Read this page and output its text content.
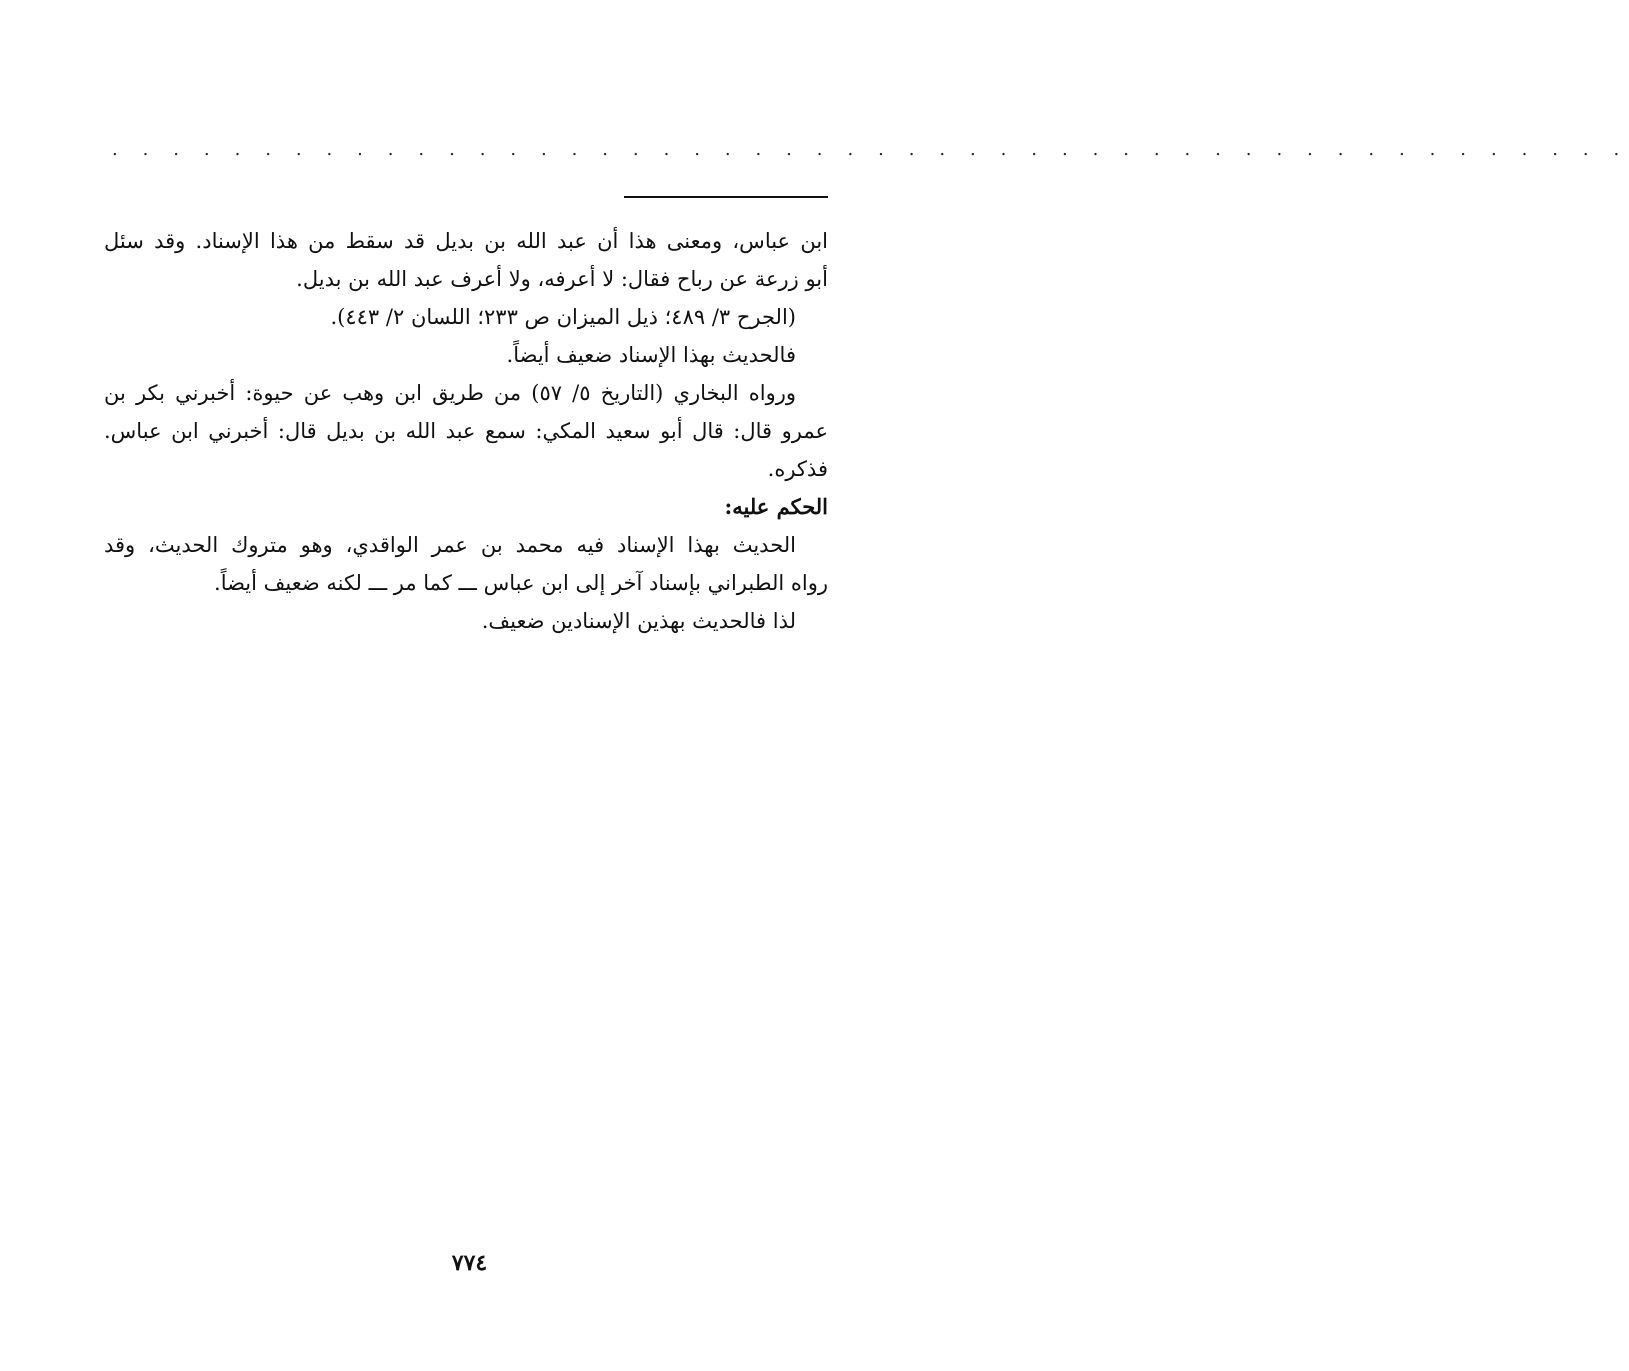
. . . . . . . . . . . . . . . . . . . . . . . . . . . . . . . . . . . . . . . . . . . . . . . . . .
ابن عباس، ومعنى هذا أن عبد الله بن بديل قد سقط من هذا الإسناد. وقد سئل
أبو زرعة عن رباح فقال: لا أعرفه، ولا أعرف عبد الله بن بديل.
(الجرح ٣/ ٤٨٩؛ ذيل الميزان ص ٢٣٣؛ اللسان ٢/ ٤٤٣).
فالحديث بهذا الإسناد ضعيف أيضاً.
ورواه البخاري (التاريخ ٥/ ٥٧) من طريق ابن وهب عن حيوة: أخبرني بكر بن
عمرو قال: قال أبو سعيد المكي: سمع عبد الله بن بديل قال: أخبرني ابن عباس.
فذكره.
الحكم عليه:
الحديث بهذا الإسناد فيه محمد بن عمر الواقدي، وهو متروك الحديث، وقد
رواه الطبراني بإسناد آخر إلى ابن عباس ـــ كما مر ـــ لكنه ضعيف أيضاً.
لذا فالحديث بهذين الإسنادين ضعيف.
٧٧٤
